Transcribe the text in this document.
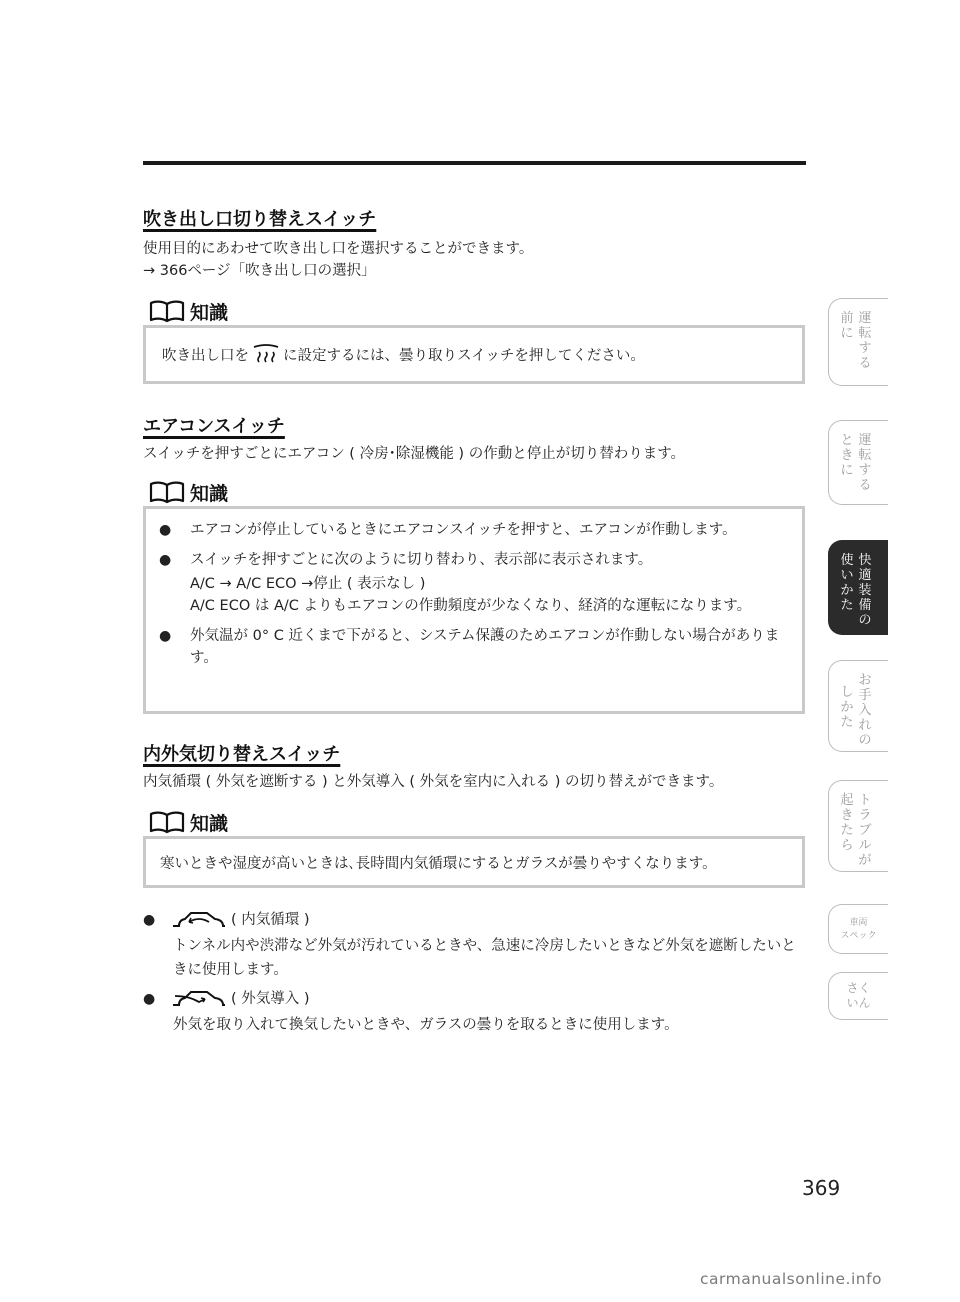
吹き出し口切り替えスイッチ

使用目的にあわせて吹き出し口を選択することができます。

→ 366ページ「吹き出し口の選択」

知識

吹き出し口を に設定するには、曇り取りスイッチを押してください。

エアコンスイッチ

スイッチを押すごとにエアコン ( 冷房･除湿機能 ) の作動と停止が切り替わります。

知識
● エアコンが停止しているときにエアコンスイッチを押すと、エアコンが作動します。
● スイッチを押すごとに次のように切り替わり、表示部に表示されます。
A/C → A/C ECO →停止 ( 表示なし )
A/C ECO は A/C よりもエアコンの作動頻度が少なくなり、経済的な運転になります。
● 外気温が 0° C 近くまで下がると、システム保護のためエアコンが作動しない場合があります。
内外気切り替えスイッチ

内気循環 ( 外気を遮断する ) と外気導入 ( 外気を室内に入れる ) の切り替えができます。

知識

寒いときや湿度が高いときは､長時間内気循環にするとガラスが曇りやすくなります。

●	( 内気循環 )
トンネル内や渋滞など外気が汚れているときや、急速に冷房したいときなど外気を遮断したいときに使用します。
●	( 外気導入 )
外気を取り入れて換気したいときや、ガラスの曇りを取るときに使用します。
前に
運転する
ときに
運転する
使いかた
快適装備の
しかた
お手入れの
起きたら
トラブルが
車両
スペック
さく
いん
369
carmanualsonline.info
